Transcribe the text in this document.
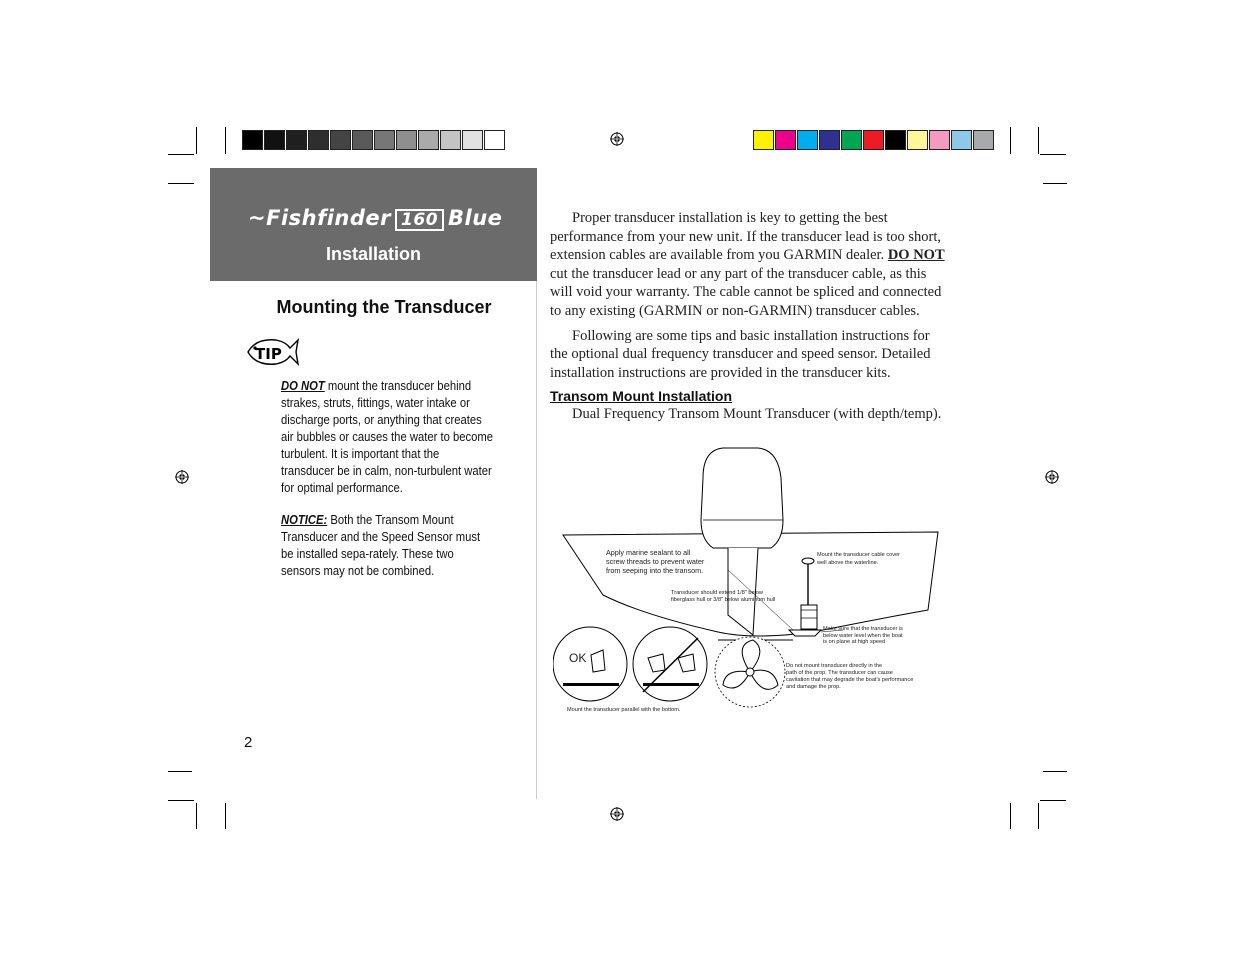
~Fishfinder 160 Blue
Installation
Mounting the Transducer
TIP
DO NOT mount the transducer behind strakes, struts, fittings, water intake or discharge ports, or anything that creates air bubbles or causes the water to become turbulent. It is important that the transducer be in calm, non-turbulent water for optimal performance.
NOTICE: Both the Transom Mount Transducer and the Speed Sensor must be installed sepa-rately. These two sensors may not be combined.
2

Proper transducer installation is key to getting the best performance from your new unit. If the transducer lead is too short, extension cables are available from you GARMIN dealer. DO NOT cut the transducer lead or any part of the transducer cable, as this will void your warranty. The cable cannot be spliced and connected to any existing (GARMIN or non-GARMIN) transducer cables.

Following are some tips and basic installation instructions for the optional dual frequency transducer and speed sensor. Detailed installation instructions are provided in the transducer kits.

Transom Mount Installation
Dual Frequency Transom Mount Transducer (with depth/temp).
Apply marine sealant to all
screw threads to prevent water
from seeping into the transom.
Mount the transducer cable cover
well above the waterline.
Transducer should extend 1/8" below
fiberglass hull or 3/8" below aluminum hull
Make sure that the transducer is
below water level when the boat
is on plane at high speed
Do not mount transducer directly in the
path of the prop. The transducer can cause
cavitation that may degrade the boat's performance
and damage the prop.
OK
Mount the transducer parallel with the bottom.
